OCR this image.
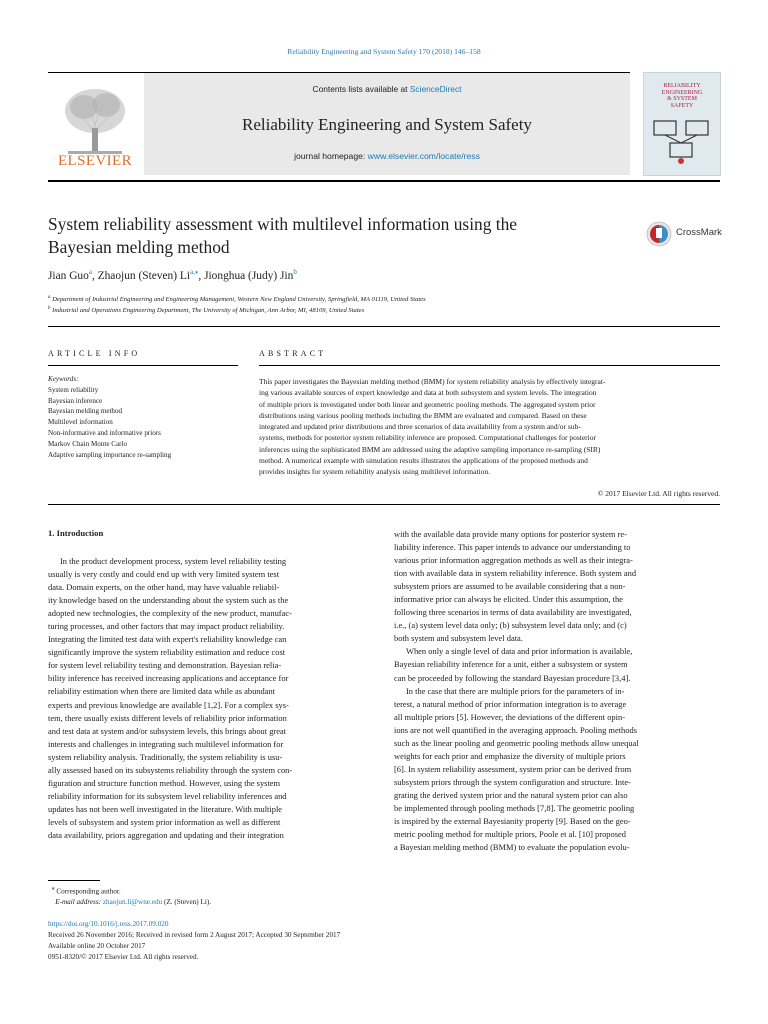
Reliability Engineering and System Safety 170 (2018) 146–158
ELSEVIER
Contents lists available at ScienceDirect
Reliability Engineering and System Safety
journal homepage: www.elsevier.com/locate/ress
RELIABILITY
ENGINEERING
& SYSTEM
SAFETY
System reliability assessment with multilevel information using the
Bayesian melding method
CrossMark
Jian Guo$^a$, Zhaojun (Steven) $Li^{a,⁎}$, Jionghua (Judy) Jin$^b$
$^a$ Department of Industrial Engineering and Engineering Management, Western New England University, Springfield, MA 01119, United States
$^b$ Industrial and Operations Engineering Department, The University of Michigan, Ann Arbor, MI, 48109, United States
ARTICLE INFO	ABSTRACT
Keywords:
System reliability
Bayesian inference
Bayesian melding method
Multilevel information
Non-informative and informative priors
Markov Chain Monte Carlo
Adaptive sampling importance re-sampling
This paper investigates the Bayesian melding method (BMM) for system reliability analysis by effectively integrat-
ing various available sources of expert knowledge and data at both subsystem and system levels. The integration
of multiple priors is investigated under both linear and geometric pooling methods. The aggregated system prior
distributions using various pooling methods including the BMM are evaluated and compared. Based on these
integrated and updated prior distributions and three scenarios of data availability from a system and/or sub-
systems, methods for posterior system reliability inference are proposed. Computational challenges for posterior
inferences using the sophisticated BMM are addressed using the adaptive sampling importance re-sampling (SIR)
method. A numerical example with simulation results illustrates the applications of the proposed methods and
provides insights for system reliability analysis using multilevel information.
© 2017 Elsevier Ltd. All rights reserved.
1. Introduction
In the product development process, system level reliability testing
usually is very costly and could end up with very limited system test
data. Domain experts, on the other hand, may have valuable reliabil-
ity knowledge based on the understanding about the system such as the
adopted new technologies, the complexity of the new product, manufac-
turing processes, and other factors that may impact product reliability.
Integrating the limited test data with expert's reliability knowledge can
significantly improve the system reliability estimation and reduce cost
for system level reliability testing and demonstration. Bayesian relia-
bility inference has received increasing applications and acceptance for
reliability estimation when there are limited data while as abundant
experts and previous knowledge are available [1,2]. For a complex sys-
tem, there usually exists different levels of reliability prior information
and test data at system and/or subsystem levels, this brings about great
interests and challenges in integrating such multilevel information for
system reliability analysis. Traditionally, the system reliability is usu-
ally assessed based on its subsystems reliability through the system con-
figuration and structure function method. However, using the system
reliability information for its subsystem level reliability inferences and
updates has not been well investigated in the literature. With multiple
levels of subsystem and system prior information as well as different
data availability, priors aggregation and updating and their integration
with the available data provide many options for posterior system re-
liability inference. This paper intends to advance our understanding to
various prior information aggregation methods as well as their integra-
tion with available data in system reliability inference. Both system and
subsystem priors are assumed to be available considering that a non-
informative prior can always be elicited. Under this assumption, the
following three scenarios in terms of data availability are investigated,
i.e., (a) system level data only; (b) subsystem level data only; and (c)
both system and subsystem level data.
When only a single level of data and prior information is available,
Bayesian reliability inference for a unit, either a subsystem or system
can be proceeded by following the standard Bayesian procedure [3,4].
In the case that there are multiple priors for the parameters of in-
terest, a natural method of prior information integration is to average
all multiple priors [5]. However, the deviations of the different opin-
ions are not well quantified in the averaging approach. Pooling methods
such as the linear pooling and geometric pooling methods allow unequal
weights for each prior and emphasize the diversity of multiple priors
[6]. In system reliability assessment, system prior can be derived from
subsystem priors through the system configuration and structure. Inte-
grating the derived system prior and the natural system prior can also
be implemented through pooling methods [7,8]. The geometric pooling
is inspired by the external Bayesianity property [9]. Based on the geo-
metric pooling method for multiple priors, Poole et al. [10] proposed
a Bayesian melding method (BMM) to evaluate the population evolu-
⁎ Corresponding author.
E-mail address: zhaojun.li@wne.edu (Z. (Steven) Li).
https://doi.org/10.1016/j.ress.2017.09.020
Received 26 November 2016; Received in revised form 2 August 2017; Accepted 30 September 2017
Available online 20 October 2017
0951-8320/© 2017 Elsevier Ltd. All rights reserved.
